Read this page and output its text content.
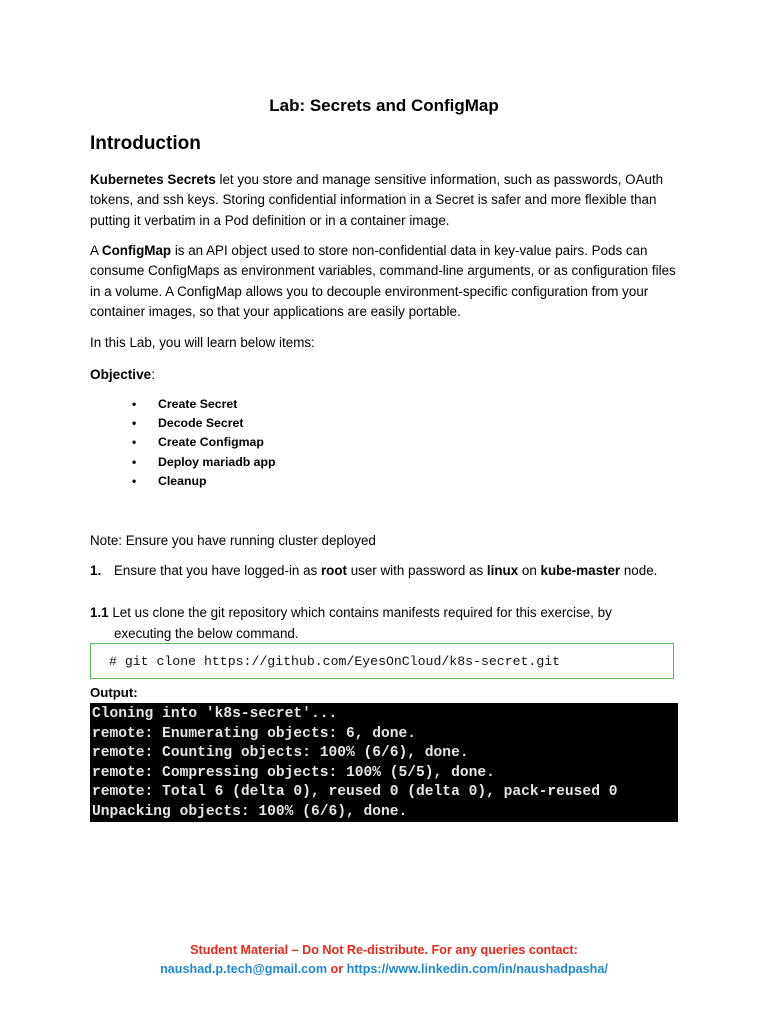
Lab: Secrets and ConfigMap
Introduction
Kubernetes Secrets let you store and manage sensitive information, such as passwords, OAuth tokens, and ssh keys. Storing confidential information in a Secret is safer and more flexible than putting it verbatim in a Pod definition or in a container image.
A ConfigMap is an API object used to store non-confidential data in key-value pairs. Pods can consume ConfigMaps as environment variables, command-line arguments, or as configuration files in a volume. A ConfigMap allows you to decouple environment-specific configuration from your container images, so that your applications are easily portable.
In this Lab, you will learn below items:
Objective:
• Create Secret
• Decode Secret
• Create Configmap
• Deploy mariadb app
• Cleanup
Note: Ensure you have running cluster deployed
1. Ensure that you have logged-in as root user with password as linux on kube-master node.
1.1 Let us clone the git repository which contains manifests required for this exercise, by
executing the below command.
# git clone https://github.com/EyesOnCloud/k8s-secret.git
Output:
Cloning into 'k8s-secret'...
remote: Enumerating objects: 6, done.
remote: Counting objects: 100% (6/6), done.
remote: Compressing objects: 100% (5/5), done.
remote: Total 6 (delta 0), reused 0 (delta 0), pack-reused 0
Unpacking objects: 100% (6/6), done.
Student Material – Do Not Re-distribute. For any queries contact:
naushad.p.tech@gmail.com or https://www.linkedin.com/in/naushadpasha/
